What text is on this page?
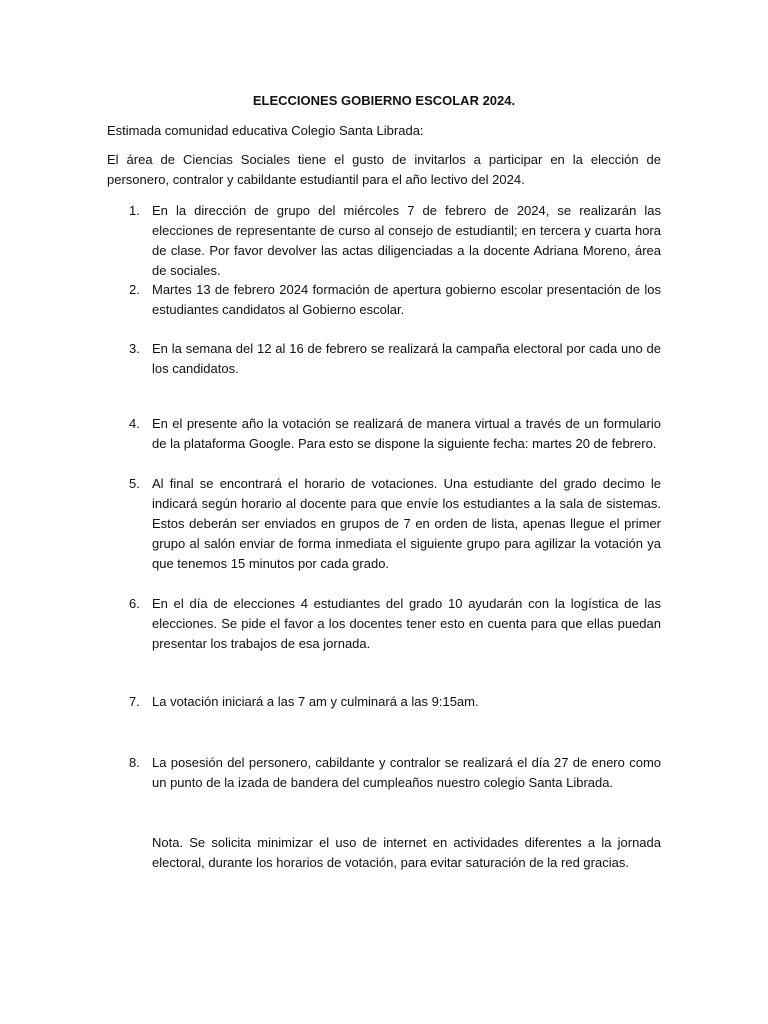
ELECCIONES GOBIERNO ESCOLAR 2024.
Estimada comunidad educativa Colegio Santa Librada:
El área de Ciencias Sociales tiene el gusto de invitarlos a participar en la elección de personero, contralor y cabildante estudiantil para el año lectivo del 2024.
1. En la dirección de grupo del miércoles 7 de febrero de 2024, se realizarán las elecciones de representante de curso al consejo de estudiantil; en tercera y cuarta hora de clase. Por favor devolver las actas diligenciadas a la docente Adriana Moreno, área de sociales.
2. Martes 13 de febrero 2024 formación de apertura gobierno escolar presentación de los estudiantes candidatos al Gobierno escolar.
3. En la semana del 12 al 16 de febrero se realizará la campaña electoral por cada uno de los candidatos.
4. En el presente año la votación se realizará de manera virtual a través de un formulario de la plataforma Google. Para esto se dispone la siguiente fecha: martes 20 de febrero.
5. Al final se encontrará el horario de votaciones. Una estudiante del grado decimo le indicará según horario al docente para que envíe los estudiantes a la sala de sistemas. Estos deberán ser enviados en grupos de 7 en orden de lista, apenas llegue el primer grupo al salón enviar de forma inmediata el siguiente grupo para agilizar la votación ya que tenemos 15 minutos por cada grado.
6. En el día de elecciones 4 estudiantes del grado 10 ayudarán con la logística de las elecciones. Se pide el favor a los docentes tener esto en cuenta para que ellas puedan presentar los trabajos de esa jornada.
7. La votación iniciará a las 7 am y culminará a las 9:15am.
8. La posesión del personero, cabildante y contralor se realizará el día 27 de enero como un punto de la izada de bandera del cumpleaños nuestro colegio Santa Librada.
Nota. Se solicita minimizar el uso de internet en actividades diferentes a la jornada electoral, durante los horarios de votación, para evitar saturación de la red gracias.
